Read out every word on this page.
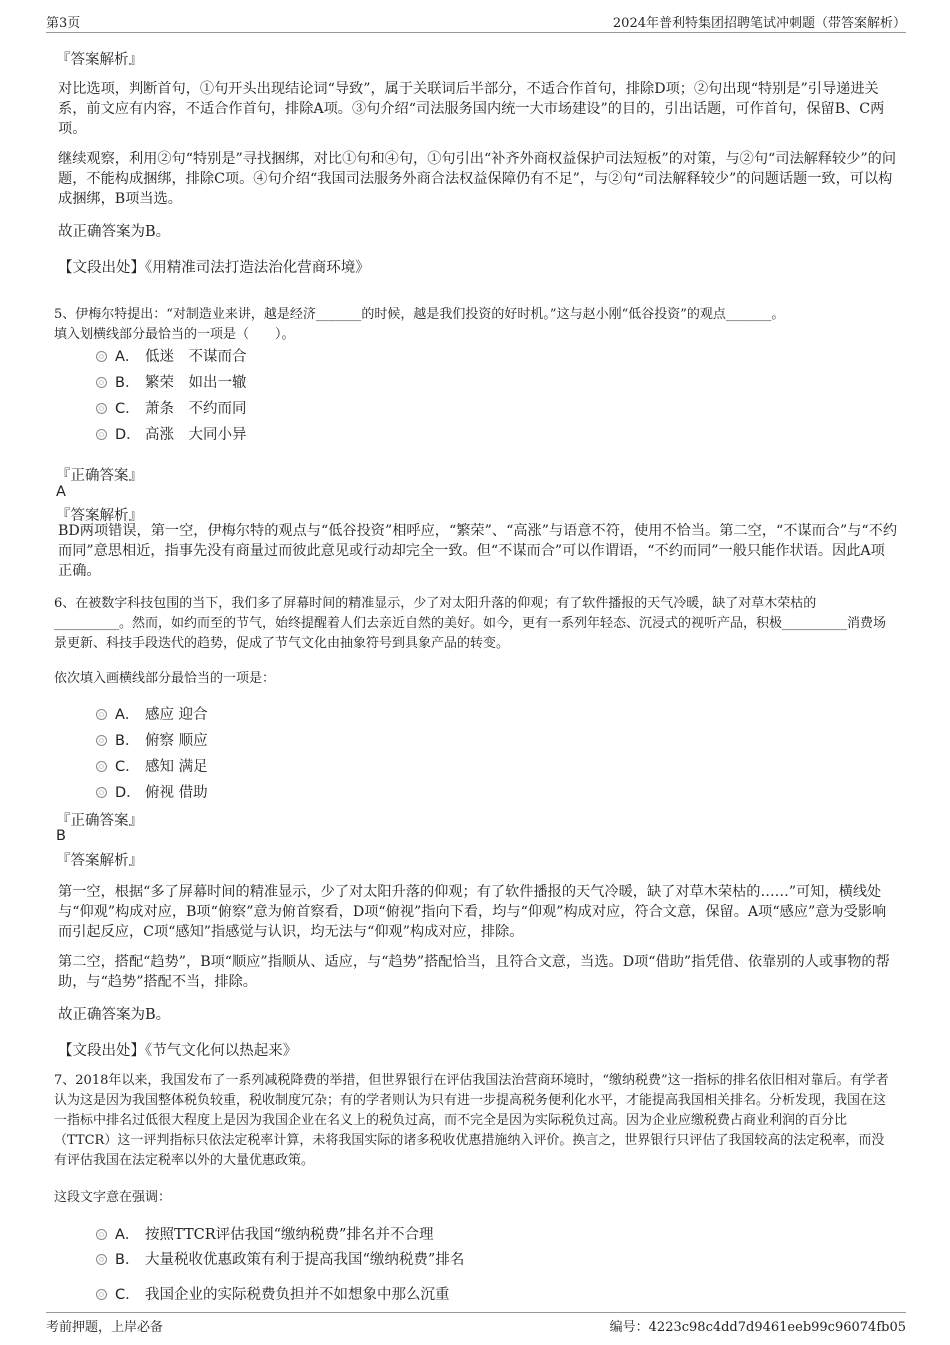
第3页	2024年普利特集团招聘笔试冲刺题（带答案解析）
『答案解析』
对比选项，判断首句，①句开头出现结论词“导致”，属于关联词后半部分，不适合作首句，排除D项；②句出现“特别是”引导递进关系，前文应有内容，不适合作首句，排除A项。③句介绍“司法服务国内统一大市场建设”的目的，引出话题，可作首句，保留B、C两项。
继续观察，利用②句“特别是”寻找捆绑，对比①句和④句，①句引出“补齐外商权益保护司法短板”的对策，与②句“司法解释较少”的问题，不能构成捆绑，排除C项。④句介绍“我国司法服务外商合法权益保障仍有不足”，与②句“司法解释较少”的问题话题一致，可以构成捆绑，B项当选。
故正确答案为B。
【文段出处】《用精准司法打造法治化营商环境》
5、伊梅尔特提出：“对制造业来讲，越是经济_______的时候，越是我们投资的好时机。”这与赵小刚“低谷投资”的观点_______。
填入划横线部分最恰当的一项是（　　）。
A． 低迷　不谋而合
B． 繁荣　如出一辙
C． 萧条　不约而同
D． 高涨　大同小异
『正确答案』
A
『答案解析』
BD两项错误，第一空，伊梅尔特的观点与“低谷投资”相呼应，“繁荣”、“高涨”与语意不符，使用不恰当。第二空，“不谋而合”与“不约而同”意思相近，指事先没有商量过而彼此意见或行动却完全一致。但“不谋而合”可以作谓语，“不约而同”一般只能作状语。因此A项正确。
6、在被数字科技包围的当下，我们多了屏幕时间的精准显示，少了对太阳升落的仰观；有了软件播报的天气冷暖，缺了对草木荣枯的__________。然而，如约而至的节气，始终提醒着人们去亲近自然的美好。如今，更有一系列年轻态、沉浸式的视听产品，积极__________消费场景更新、科技手段迭代的趋势，促成了节气文化由抽象符号到具象产品的转变。
依次填入画横线部分最恰当的一项是：
A． 感应 迎合
B． 俯察 顺应
C． 感知 满足
D． 俯视 借助
『正确答案』
B
『答案解析』
第一空，根据“多了屏幕时间的精准显示，少了对太阳升落的仰观；有了软件播报的天气冷暖，缺了对草木荣枯的……”可知，横线处与“仰观”构成对应，B项“俯察”意为俯首察看，D项“俯视”指向下看，均与“仰观”构成对应，符合文意，保留。A项“感应”意为受影响而引起反应，C项“感知”指感觉与认识，均无法与“仰观”构成对应，排除。
第二空，搭配“趋势”，B项“顺应”指顺从、适应，与“趋势”搭配恰当，且符合文意，当选。D项“借助”指凭借、依靠别的人或事物的帮助，与“趋势”搭配不当，排除。
故正确答案为B。
【文段出处】《节气文化何以热起来》
7、2018年以来，我国发布了一系列减税降费的举措，但世界银行在评估我国法治营商环境时，“缴纳税费”这一指标的排名依旧相对靠后。有学者认为这是因为我国整体税负较重，税收制度冗杂；有的学者则认为只有进一步提高税务便利化水平，才能提高我国相关排名。分析发现，我国在这一指标中排名过低很大程度上是因为我国企业在名义上的税负过高，而不完全是因为实际税负过高。因为企业应缴税费占商业利润的百分比（TTCR）这一评判指标只依法定税率计算，未将我国实际的诸多税收优惠措施纳入评价。换言之，世界银行只评估了我国较高的法定税率，而没有评估我国在法定税率以外的大量优惠政策。
这段文字意在强调：
A． 按照TTCR评估我国“缴纳税费”排名并不合理
B． 大量税收优惠政策有利于提高我国“缴纳税费”排名
C． 我国企业的实际税费负担并不如想象中那么沉重
考前押题，上岸必备	编号：4223c98c4dd7d9461eeb99c96074fb05
